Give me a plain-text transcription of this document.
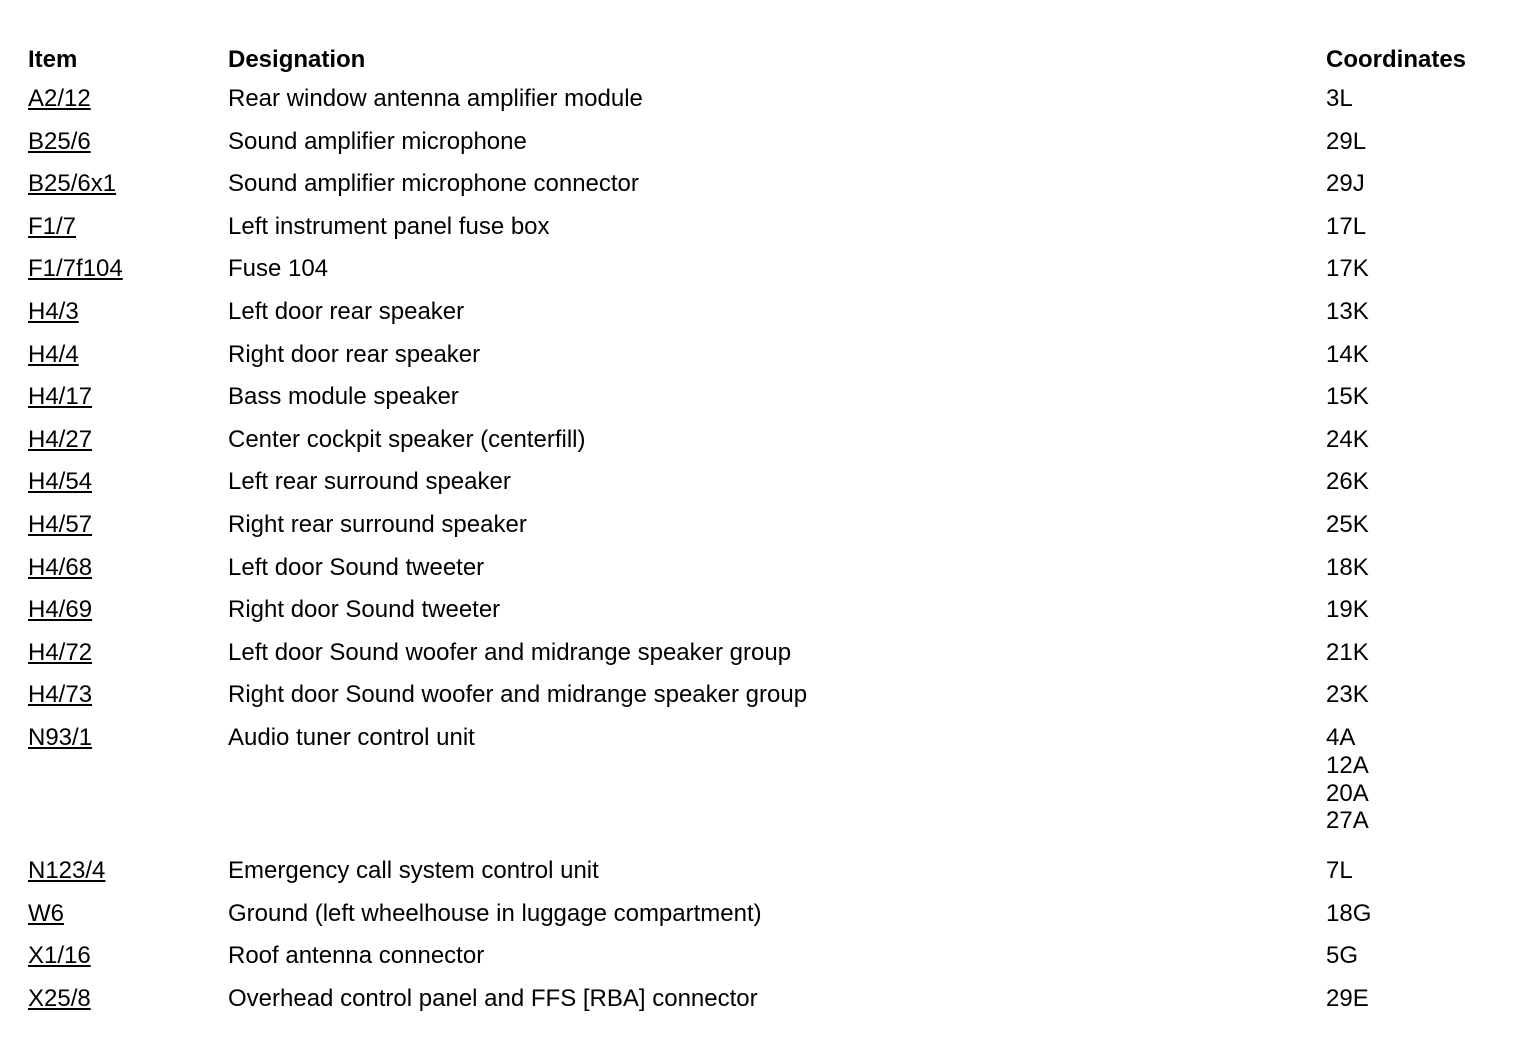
Item	Designation	Coordinates
A2/12	Rear window antenna amplifier module	3L

B25/6	Sound amplifier microphone	29L

B25/6x1	Sound amplifier microphone connector	29J

F1/7	Left instrument panel fuse box	17L

F1/7f104	Fuse 104	17K

H4/3	Left door rear speaker	13K

H4/4	Right door rear speaker	14K

H4/17	Bass module speaker	15K

H4/27	Center cockpit speaker (centerfill)	24K

H4/54	Left rear surround speaker	26K

H4/57	Right rear surround speaker	25K

H4/68	Left door Sound tweeter	18K

H4/69	Right door Sound tweeter	19K

H4/72	Left door Sound woofer and midrange speaker group	21K

H4/73	Right door Sound woofer and midrange speaker group	23K

N93/1	Audio tuner control unit	4A
12A
20A
27A

N123/4	Emergency call system control unit	7L

W6	Ground (left wheelhouse in luggage compartment)	18G

X1/16	Roof antenna connector	5G

X25/8	Overhead control panel and FFS [RBA] connector	29E
